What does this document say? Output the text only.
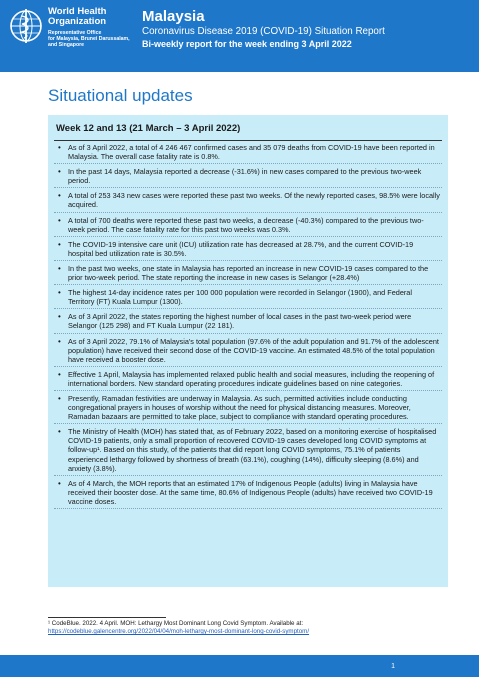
World Health
Organization
Representative Office
for Malaysia, Brunei Darussalam,
and Singapore
Malaysia
Coronavirus Disease 2019 (COVID-19) Situation Report
Bi-weekly report for the week ending 3 April 2022
Situational updates
Week 12 and 13 (21 March – 3 April 2022)
• As of 3 April 2022, a total of 4 246 467 confirmed cases and 35 079 deaths from COVID-19 have been reported in Malaysia. The overall case fatality rate is 0.8%.
• In the past 14 days, Malaysia reported a decrease (-31.6%) in new cases compared to the previous two-week period.
• A total of 253 343 new cases were reported these past two weeks. Of the newly reported cases, 98.5% were locally acquired.
• A total of 700 deaths were reported these past two weeks, a decrease (-40.3%) compared to the previous two-week period. The case fatality rate for this past two weeks was 0.3%.
• The COVID-19 intensive care unit (ICU) utilization rate has decreased at 28.7%, and the current COVID-19 hospital bed utilization rate is 30.5%.
• In the past two weeks, one state in Malaysia has reported an increase in new COVID-19 cases compared to the prior two-week period. The state reporting the increase in new cases is Selangor (+28.4%)
• The highest 14-day incidence rates per 100 000 population were recorded in Selangor (1900), and Federal Territory (FT) Kuala Lumpur (1300).
• As of 3 April 2022, the states reporting the highest number of local cases in the past two-week period were Selangor (125 298) and FT Kuala Lumpur (22 181).
• As of 3 April 2022, 79.1% of Malaysia's total population (97.6% of the adult population and 91.7% of the adolescent population) have received their second dose of the COVID-19 vaccine. An estimated 48.5% of the total population have received a booster dose.
• Effective 1 April, Malaysia has implemented relaxed public health and social measures, including the reopening of international borders. New standard operating procedures indicate guidelines based on nine categories.
• Presently, Ramadan festivities are underway in Malaysia. As such, permitted activities include conducting congregational prayers in houses of worship without the need for physical distancing measures. Moreover, Ramadan bazaars are permitted to take place, subject to compliance with standard operating procedures.
• The Ministry of Health (MOH) has stated that, as of February 2022, based on a monitoring exercise of hospitalised COVID-19 patients, only a small proportion of recovered COVID-19 cases developed long COVID symptoms at follow-up¹. Based on this study, of the patients that did report long COVID symptoms, 75.1% of patients experienced lethargy followed by shortness of breath (63.1%), coughing (14%), difficulty sleeping (8.6%) and anxiety (3.8%).
• As of 4 March, the MOH reports that an estimated 17% of Indigenous People (adults) living in Malaysia have received their booster dose. At the same time, 80.6% of Indigenous People (adults) have received two COVID-19 vaccine doses.
¹ CodeBlue. 2022. 4 April. MOH: Lethargy Most Dominant Long Covid Symptom. Available at:
https://codeblue.galencentre.org/2022/04/04/moh-lethargy-most-dominant-long-covid-symptom/
1
